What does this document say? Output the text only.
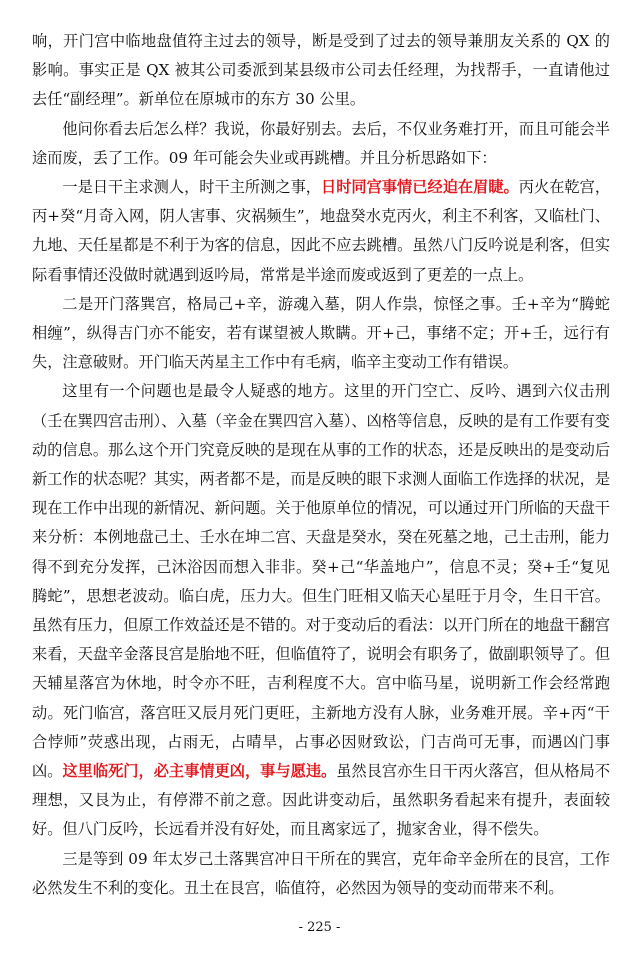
响，开门宫中临地盘值符主过去的领导，断是受到了过去的领导兼朋友关系的 QX 的影响。事实正是 QX 被其公司委派到某县级市公司去任经理，为找帮手，一直请他过去任“副经理”。新单位在原城市的东方 30 公里。

他问你看去后怎么样？我说，你最好别去。去后，不仅业务难打开，而且可能会半途而废，丢了工作。09 年可能会失业或再跳槽。并且分析思路如下：

一是日干主求测人，时干主所测之事，日时同宫事情已经迫在眉睫。丙火在乾宫，丙+癸“月奇入网，阴人害事、灾祸频生”，地盘癸水克丙火，利主不利客，又临杜门、九地、天任星都是不利于为客的信息，因此不应去跳槽。虽然八门反吟说是利客，但实际看事情还没做时就遇到返吟局，常常是半途而废或返到了更差的一点上。

二是开门落巽宫，格局己+辛，游魂入墓，阴人作祟，惊怪之事。壬+辛为“腾蛇相缠”，纵得吉门亦不能安，若有谋望被人欺瞒。开+己，事绪不定；开+壬，远行有失，注意破财。开门临天芮星主工作中有毛病，临辛主变动工作有错误。

这里有一个问题也是最令人疑惑的地方。这里的开门空亡、反吟、遇到六仪击刑（壬在巽四宫击刑）、入墓（辛金在巽四宫入墓）、凶格等信息，反映的是有工作要有变动的信息。那么这个开门究竟反映的是现在从事的工作的状态，还是反映出的是变动后新工作的状态呢？其实，两者都不是，而是反映的眼下求测人面临工作选择的状况，是现在工作中出现的新情况、新问题。关于他原单位的情况，可以通过开门所临的天盘干来分析：本例地盘己土、壬水在坤二宫、天盘是癸水，癸在死墓之地，己土击刑，能力得不到充分发挥，己沐浴因而想入非非。癸+己“华盖地户”，信息不灵；癸+壬“复见腾蛇”，思想老波动。临白虎，压力大。但生门旺相又临天心星旺于月令，生日干宫。虽然有压力，但原工作效益还是不错的。对于变动后的看法：以开门所在的地盘干翻宫来看，天盘辛金落艮宫是胎地不旺，但临值符了，说明会有职务了，做副职领导了。但天辅星落宫为休地，时令亦不旺，吉利程度不大。宫中临马星，说明新工作会经常跑动。死门临宫，落宫旺又辰月死门更旺，主新地方没有人脉，业务难开展。辛+丙“干合悖师”荧惑出现，占雨无，占晴旱，占事必因财致讼，门吉尚可无事，而遇凶门事凶。这里临死门，必主事情更凶，事与愿违。虽然艮宫亦生日干丙火落宫，但从格局不理想，又艮为止，有停滞不前之意。因此讲变动后，虽然职务看起来有提升，表面较好。但八门反吟，长远看并没有好处，而且离家远了，抛家舍业，得不偿失。

三是等到 09 年太岁己土落巽宫冲日干所在的巽宫，克年命辛金所在的艮宫，工作必然发生不利的变化。丑土在艮宫，临值符，必然因为领导的变动而带来不利。

- 225 -
